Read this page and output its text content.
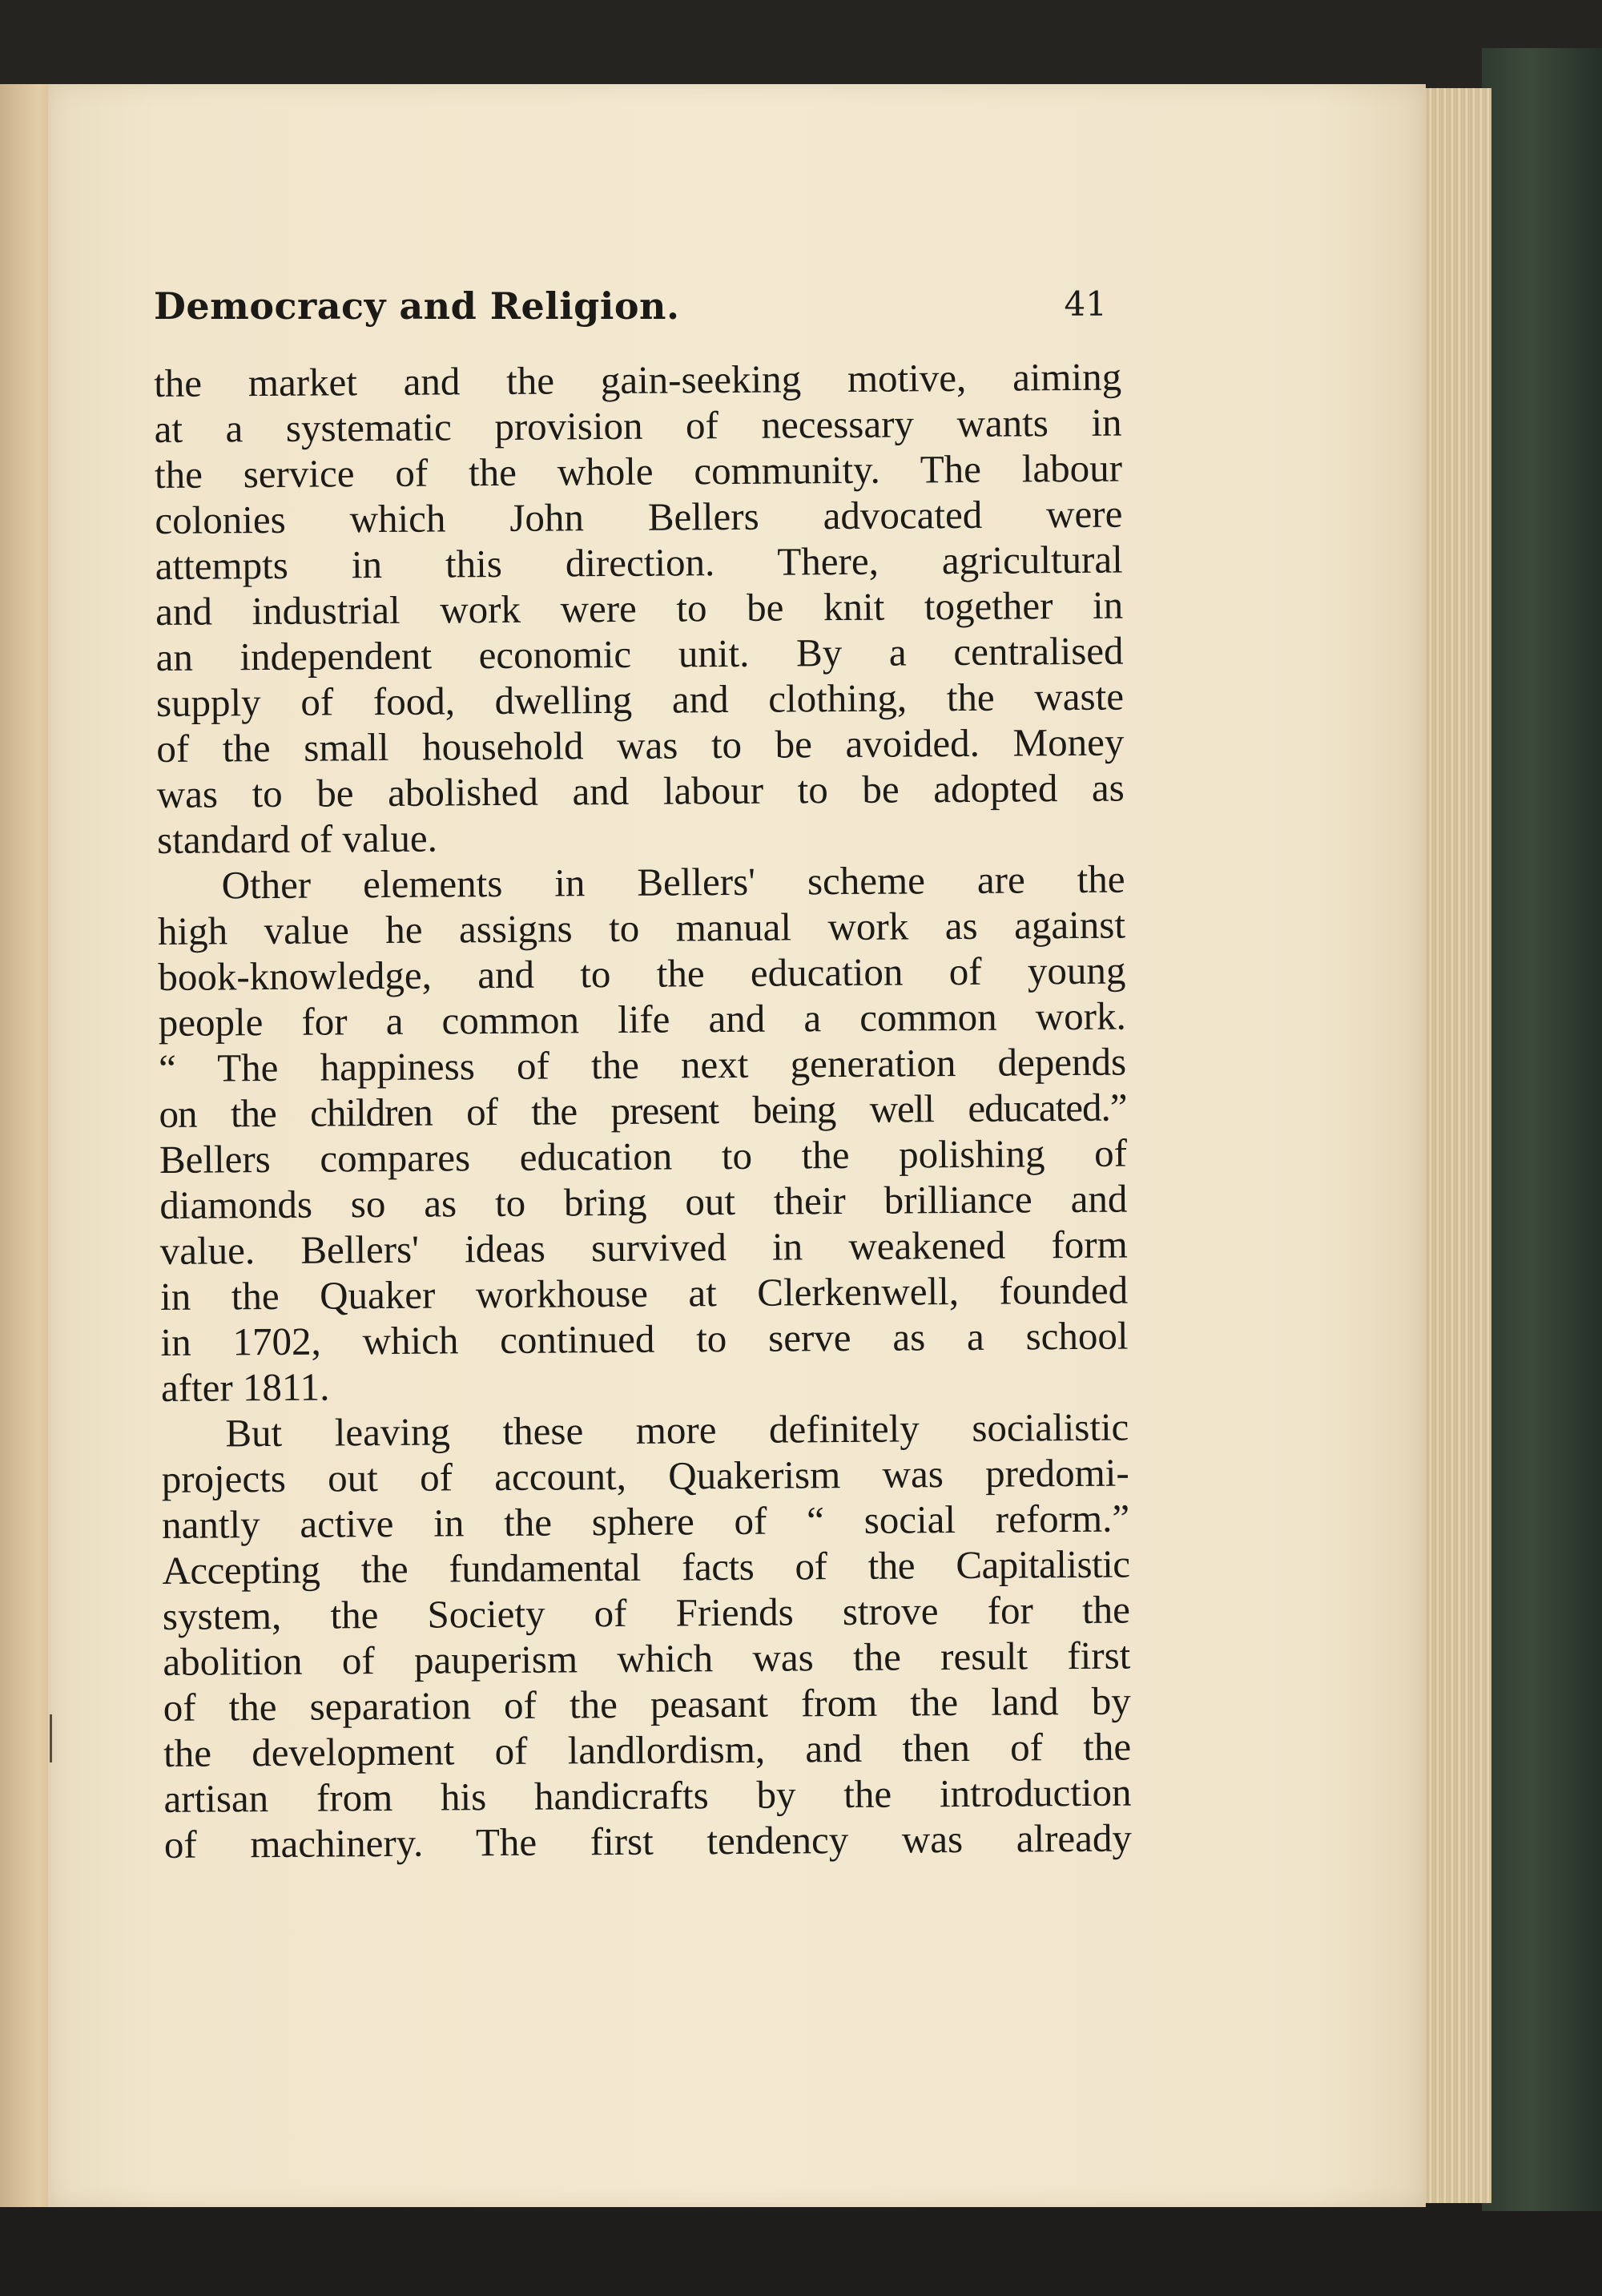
Democracy and Religion.	41
the market and the gain-seeking motive, aiming
at a systematic provision of necessary wants in
the service of the whole community. The labour
colonies which John Bellers advocated were
attempts in this direction. There, agricultural
and industrial work were to be knit together in
an independent economic unit. By a centralised
supply of food, dwelling and clothing, the waste
of the small household was to be avoided. Money
was to be abolished and labour to be adopted as
standard of value.
Other elements in Bellers' scheme are the
high value he assigns to manual work as against
book-knowledge, and to the education of young
people for a common life and a common work.
“ The happiness of the next generation depends
on the children of the present being well educated.”
Bellers compares education to the polishing of
diamonds so as to bring out their brilliance and
value. Bellers' ideas survived in weakened form
in the Quaker workhouse at Clerkenwell, founded
in 1702, which continued to serve as a school
after 1811.
But leaving these more definitely socialistic
projects out of account, Quakerism was predomi-
nantly active in the sphere of “ social reform.”
Accepting the fundamental facts of the Capitalistic
system, the Society of Friends strove for the
abolition of pauperism which was the result first
of the separation of the peasant from the land by
the development of landlordism, and then of the
artisan from his handicrafts by the introduction
of machinery. The first tendency was already
